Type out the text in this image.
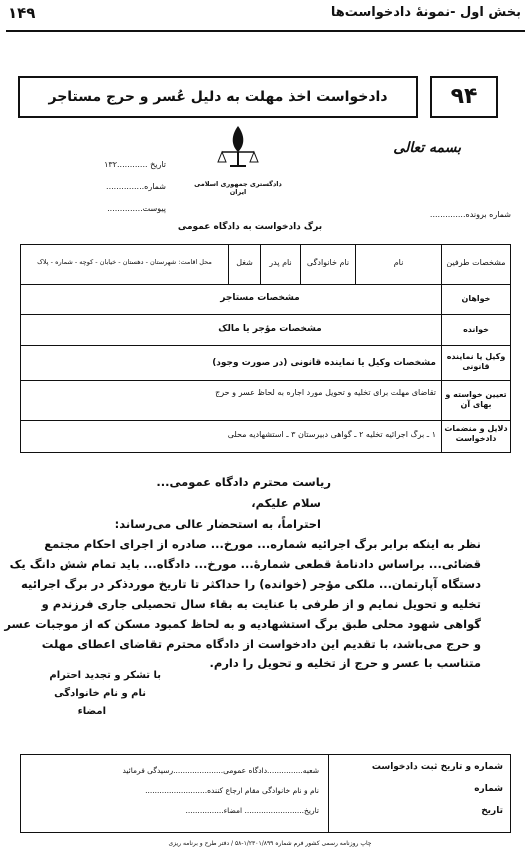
۱۴۹	بخش اول -نمونهٔ دادخواست‌ها
۹۴
دادخواست اخذ مهلت به دلیل عُسر و حرج مستاجر
بسمه تعالی
دادگستری جمهوری اسلامی ایران
تاریخ ............۱۳۲
شماره...............
پیوست..............
شماره برونده..............
برگ دادخواست به دادگاه عمومی
مشخصات طرفین
نام
نام خانوادگی
نام پدر
شغل
محل اقامت: شهرستان - دهستان - خیابان - کوچه - شماره - پلاک
خواهان
مشخصات مستأجر
خوانده
مشخصات مؤجر یا مالک
وکیل یا نماینده قانونی
مشخصات وکیل یا نماینده قانونی (در صورت وجود)
تعیین خواسته و بهای آن
تقاضای مهلت برای تخلیه و تحویل مورد اجاره به لحاظ عسر و حرج
دلایل و منضمات دادخواست
۱ ـ برگ اجرائیه تخلیه ۲ ـ گواهی دبیرستان ۳ ـ استشهادیه محلی
ریاست محترم دادگاه عمومی...
سلام علیکم،
احتراماً، به استحضار عالی می‌رساند:
نظر به اینکه برابر برگ اجرائیه شماره... مورخ... صادره از اجرای احکام مجتمع
قضائی... براساس دادنامهٔ قطعی شمارهٔ... مورخ... دادگاه... باید تمام شش دانگ یک
دستگاه آپارتمان... ملکی مؤجر (خوانده) را حداکثر تا تاریخ موردذکر در برگ اجرائیه
تخلیه و تحویل نمایم و از طرفی با عنایت به بقاء سال تحصیلی جاری فرزندم و
گواهی شهود محلی طبق برگ استشهادیه و به لحاظ کمبود مسکن که از موجبات عسر
و حرج می‌باشد، با تقدیم این دادخواست از دادگاه محترم تقاضای اعطای مهلت
متناسب با عسر و حرج از تخلیه و تحویل را دارم.
با تشکر و تجدید احترام
نام و نام خانوادگی
امضاء
شماره و تاریخ ثبت دادخواست
شماره
تاریخ
شعبه...............دادگاه عمومی.....................رسیدگی فرمائید
نام و نام خانوادگی مقام ارجاع کننده..........................
تاریخ......................... امضاء................
چاپ روزنامه رسمی کشور فرم شماره ۱/۲۳۰۱/۸۹۹-۵۸ / دفتر طرح و برنامه ریزی
